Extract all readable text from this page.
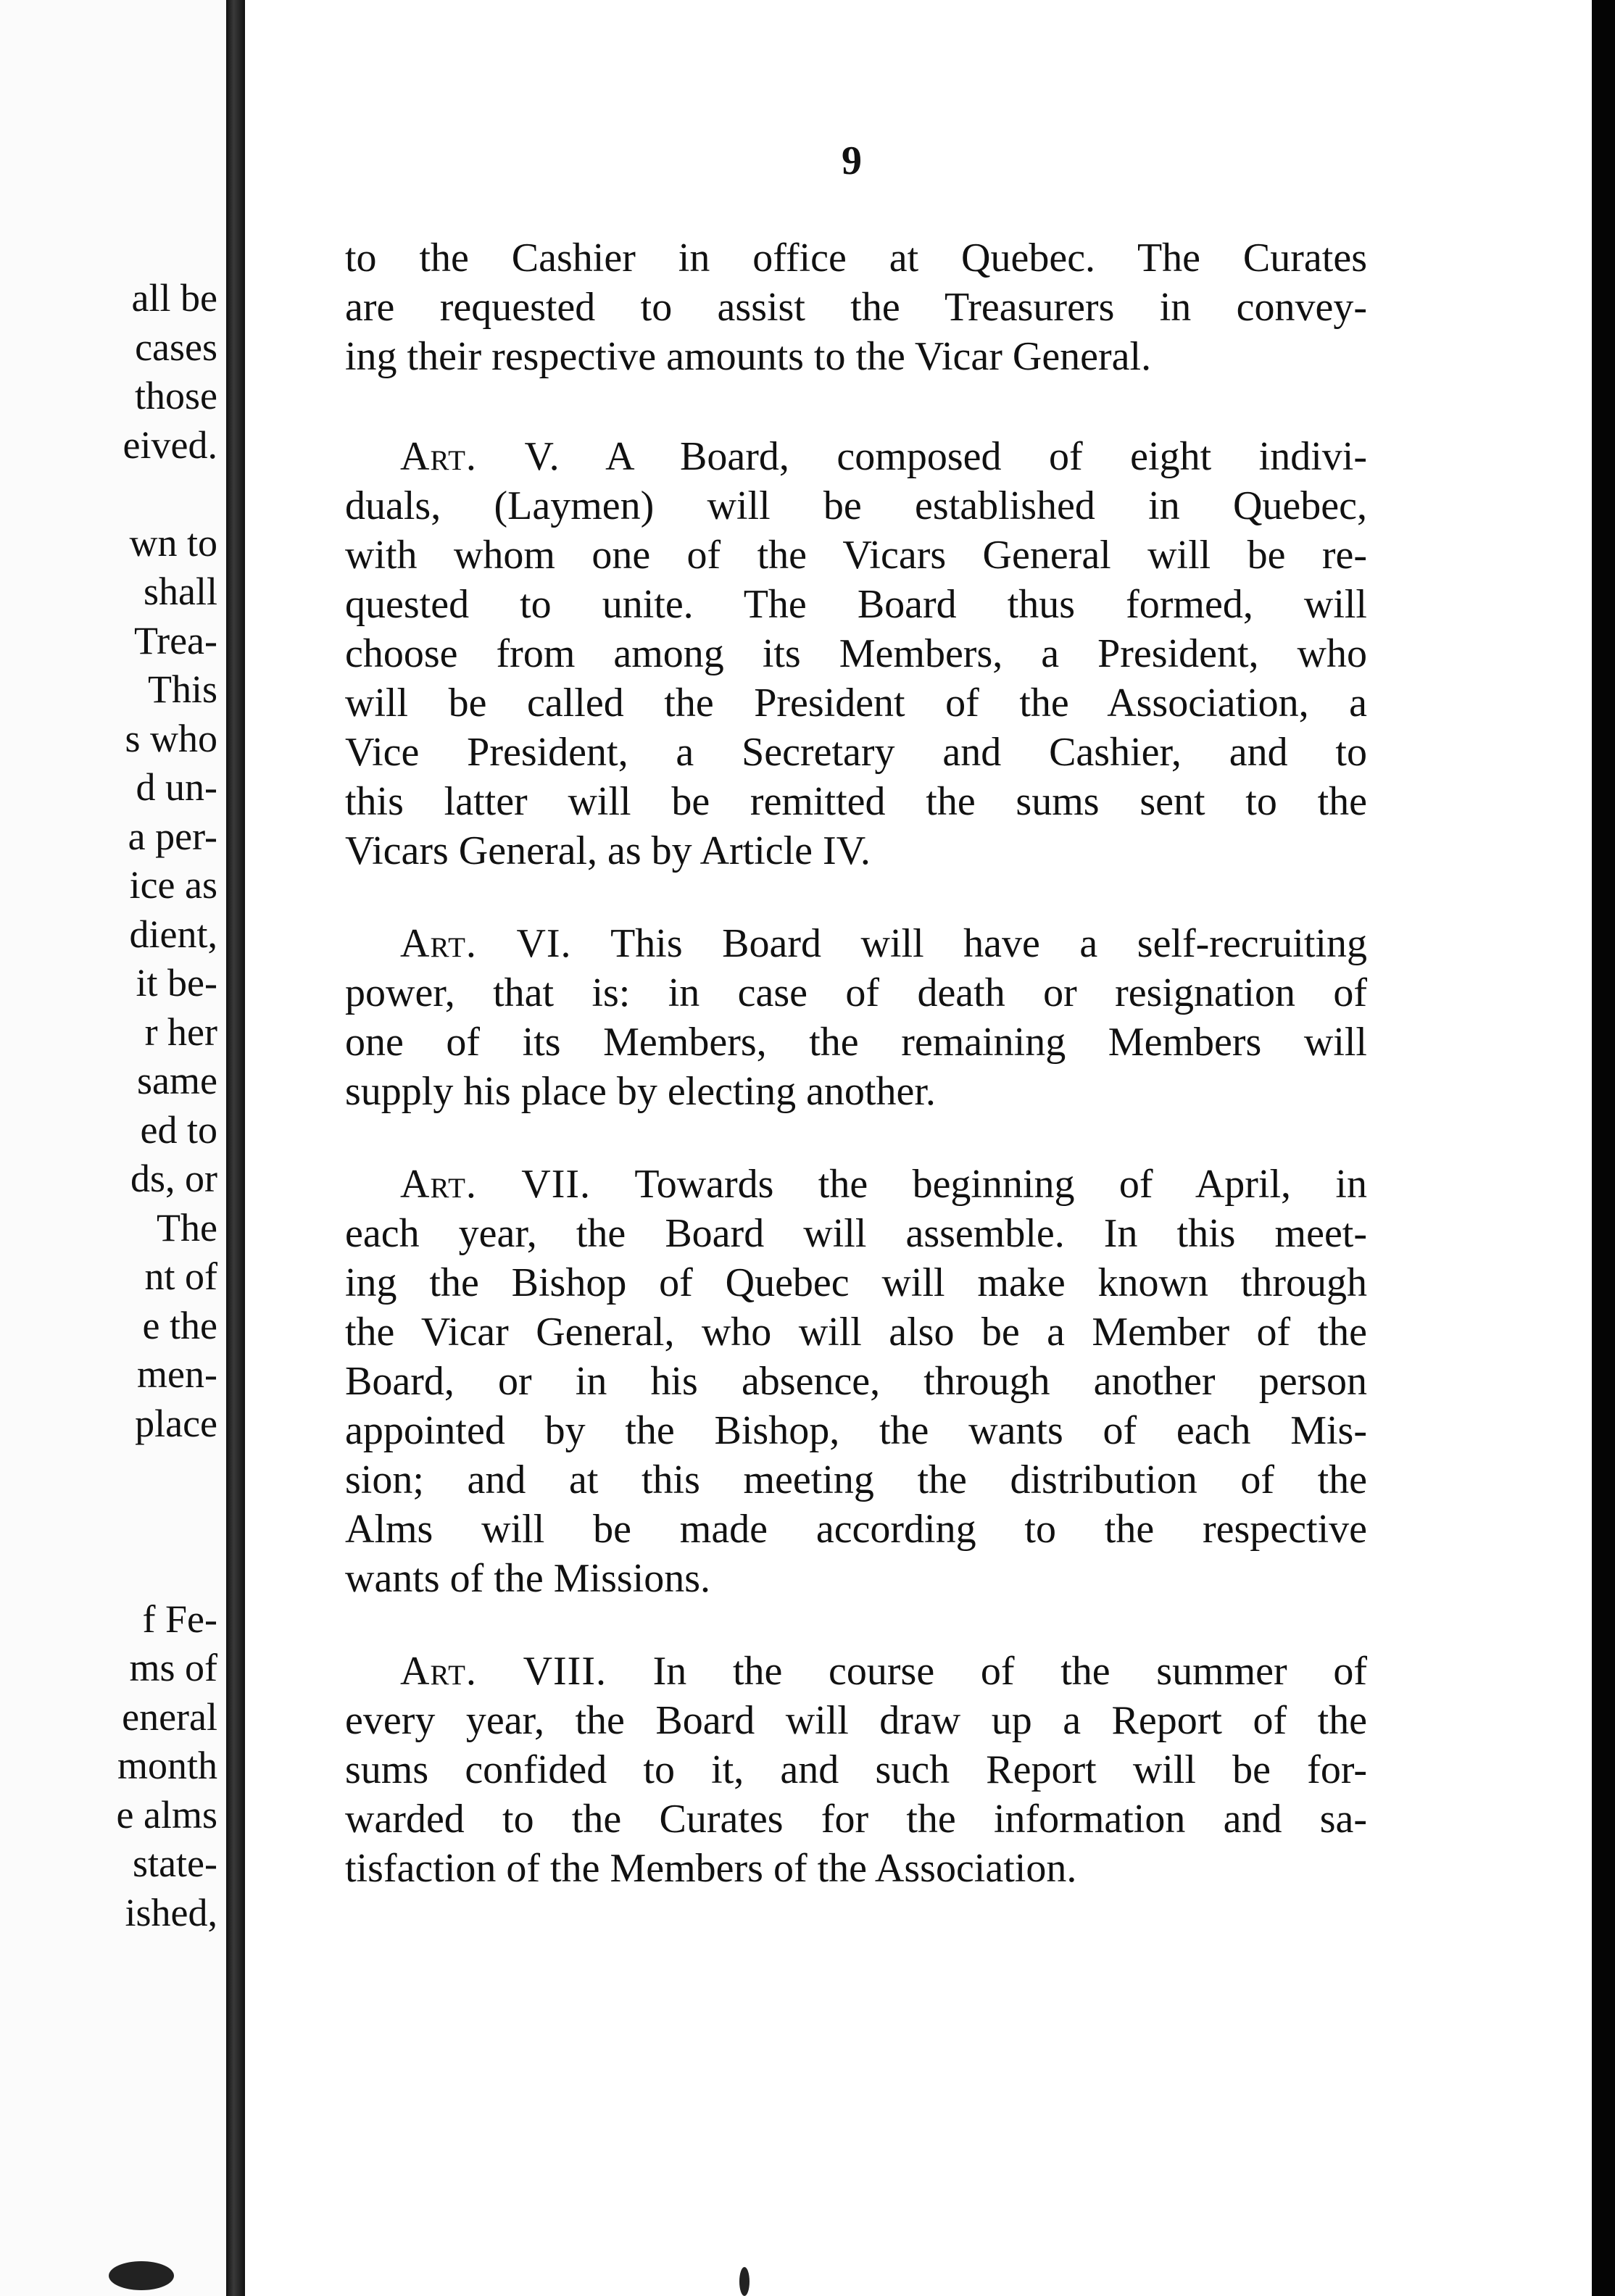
all be
cases
those
eived.
wn to
shall
Trea-
This
s who
d un-
a per-
ice as
dient,
it be-
r her
same
ed to
ds, or
The
nt of
e the
men-
place
f Fe-
ms of
eneral
month
e alms
state-
ished,
9
to the Cashier in office at Quebec. The Curates
are requested to assist the Treasurers in convey-
ing their respective amounts to the Vicar General.
Art. V. A Board, composed of eight indivi-
duals, (Laymen) will be established in Quebec,
with whom one of the Vicars General will be re-
quested to unite. The Board thus formed, will
choose from among its Members, a President, who
will be called the President of the Association, a
Vice President, a Secretary and Cashier, and to
this latter will be remitted the sums sent to the
Vicars General, as by Article IV.
Art. VI. This Board will have a self-recruiting
power, that is: in case of death or resignation of
one of its Members, the remaining Members will
supply his place by electing another.
Art. VII. Towards the beginning of April, in
each year, the Board will assemble. In this meet-
ing the Bishop of Quebec will make known through
the Vicar General, who will also be a Member of the
Board, or in his absence, through another person
appointed by the Bishop, the wants of each Mis-
sion; and at this meeting the distribution of the
Alms will be made according to the respective
wants of the Missions.
Art. VIII. In the course of the summer of
every year, the Board will draw up a Report of the
sums confided to it, and such Report will be for-
warded to the Curates for the information and sa-
tisfaction of the Members of the Association.
